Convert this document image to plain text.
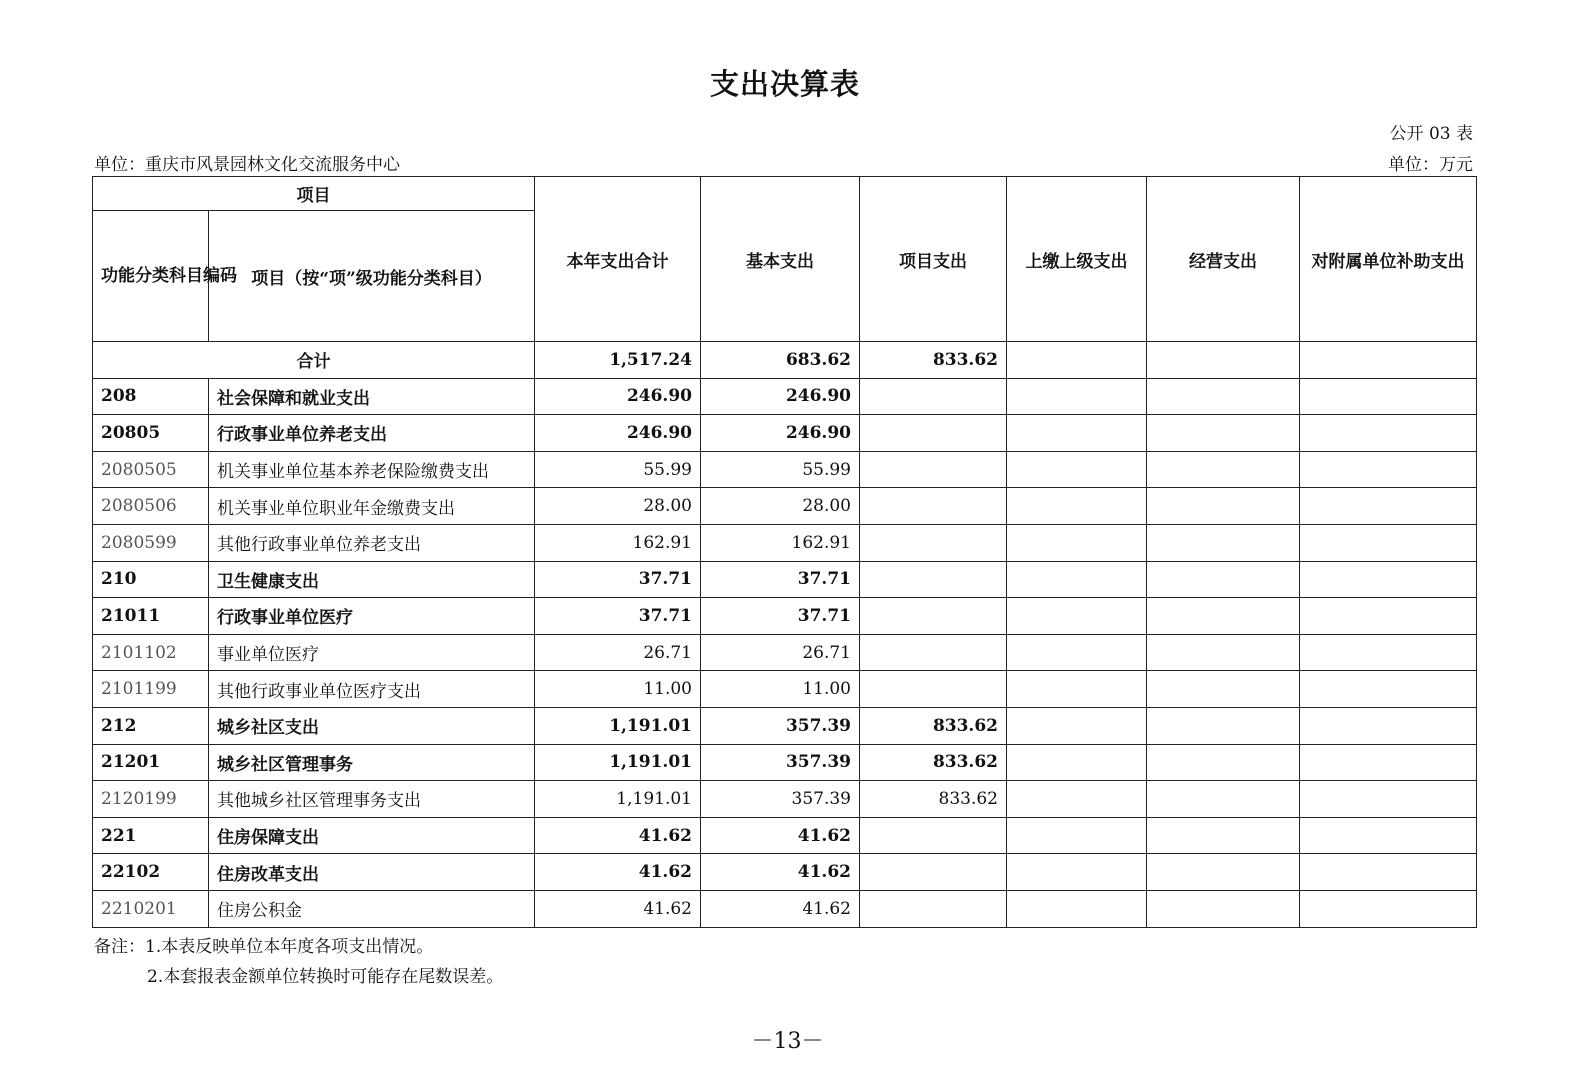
支出决算表
公开 03 表
单位：重庆市风景园林文化交流服务中心	单位：万元
项目		本年支出合计	基本支出	项目支出	上缴上级支出	经营支出	对附属单位补助支出
功能分类科目编码	项目（按“项”级功能分类科目）						
合计		1,517.24	683.62	833.62			
208	社会保障和就业支出	246.90	246.90				
20805	行政事业单位养老支出	246.90	246.90				
2080505	机关事业单位基本养老保险缴费支出	55.99	55.99				
2080506	机关事业单位职业年金缴费支出	28.00	28.00				
2080599	其他行政事业单位养老支出	162.91	162.91				
210	卫生健康支出	37.71	37.71				
21011	行政事业单位医疗	37.71	37.71				
2101102	事业单位医疗	26.71	26.71				
2101199	其他行政事业单位医疗支出	11.00	11.00				
212	城乡社区支出	1,191.01	357.39	833.62			
21201	城乡社区管理事务	1,191.01	357.39	833.62			
2120199	其他城乡社区管理事务支出	1,191.01	357.39	833.62			
221	住房保障支出	41.62	41.62				
22102	住房改革支出	41.62	41.62				
2210201	住房公积金	41.62	41.62				
备注：1.本表反映单位本年度各项支出情况。
2.本套报表金额单位转换时可能存在尾数误差。
－13－
